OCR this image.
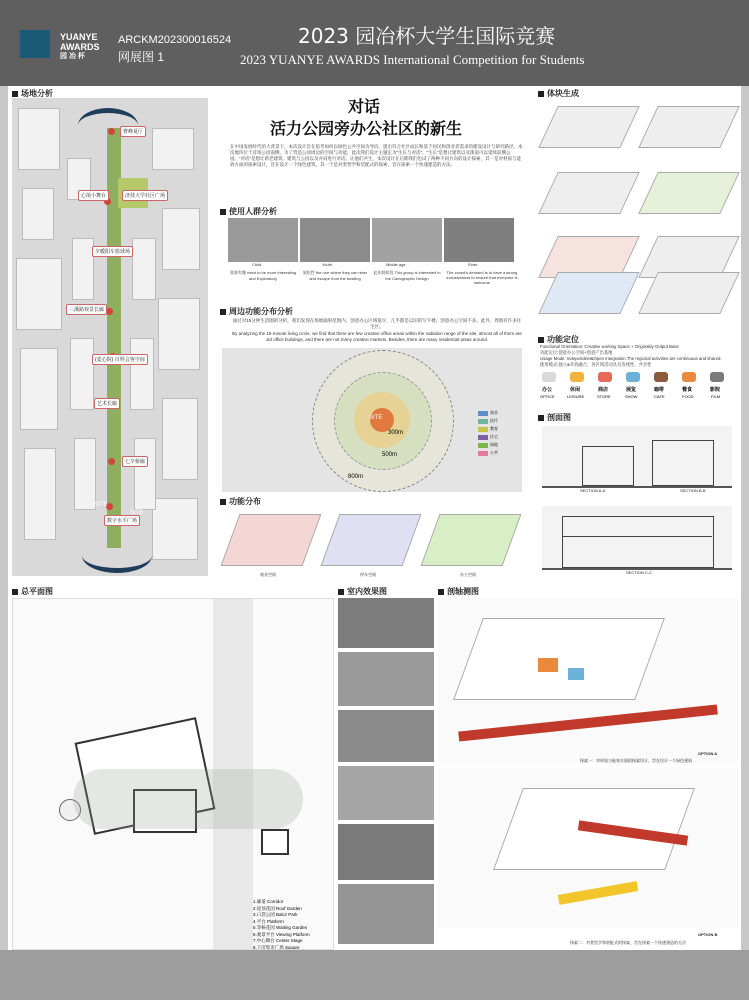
YUANYE
AWARDS
园 冶 杯
ARCKM202300016524
网展图 1
2023 园冶杯大学生国际竞赛
2023 YUANYE AWARDS International Competition for Students
场地分析
曹峰夏厅
济技大学社区广场
心境小舞台
夕暖阳车篮球场
三溪路观景长廊
(麦心院) 百姓会客空间
艺术长廊
七夕桥廊
数字水平广场
SITE
SITE
对话
活力公园旁办公社区的新生
在中国发展时代的大背景下，本次设计旨在思考如何以绿色公共空间为导向，提出符合社区成长和基于居民和创业者需求的建设设计与研究路径。本次地块位于首场公园南侧，为了营造公园周边的空间与功能，此次我们设计主题定为“生长与对话”、“生长”是想让建筑以及街道可以延续前侧公园，“对话”是想让新老建筑、建筑与公园以及并肩进行对话。让他们共生，本次设计在后期我们也试了两种不同方向的设计探索，其一是对材质与能效方面的探索设计，旨在设计一个绿色建筑，其一个是对类型学和装配式的探索，旨在探索一个快速建造的方法。
使用人群分析
Child	Youth	Middle age	Elder
需要有趣 need to be more Interesting and Exploratory
放松性 the one where they can relax and escape from the bustling
此年龄阶段 This group is interested in the Cartographic Design
The crowd's demand is to have a strong inclusiveness to ensure that everyone is welcome
周边功能分布分析
通过对15分钟生活圈的分析，我们发现在场地辐射范围内，创意办公区域很少，几乎都是以旧的写字楼。创意办公空间不多。此外，周围有许多住宅区。
By analyzing the 15-minute living circle, we find that there are few creative office areas within the radiation range of the site, almost all of them are old office buildings, and there are not many creative markets. Besides, there are many residential areas around.
SITE
300m
500m
800m
商业
医疗
教育
住宅
绿地
公共
功能分布
商业空间	停车空间	办公空间
体块生成
功能定位
Functional Orientation: Creative working Space + Originality Output Base
功能定位:创意办公空间+创意产出基地
Usage Mode: Independent&Open Integration.The regional activities are continuous and shared.
使用模式:独立&开放融合，各区域活动具有连续性、共享性
办公	休闲	商店	展览	咖啡	餐食	影院
OFFICE	LEISURE	STORE	SHOW	CAFE	FOOD	FILM
剖面图
SECTION A-A	SECTION B-B
SECTION C-C
总平面图
1.廊道 Corridor
2.屋顶花园 Roof Garden
3.口袋公园 Balcz Park
4.平台 Platform
5.等候花园 Waiting Garden
6.观景平台 Viewing Platform
7.中心舞台 Center Stage
8.下沉集市广场 Square
室内效果图	剖轴测图
OPTION A
探索一：对材质与能效方面的探索设计，旨在设计一个绿色建筑
OPTION B
探索二：对类型学和装配式的探索，旨在探索一个快速建造的方法
